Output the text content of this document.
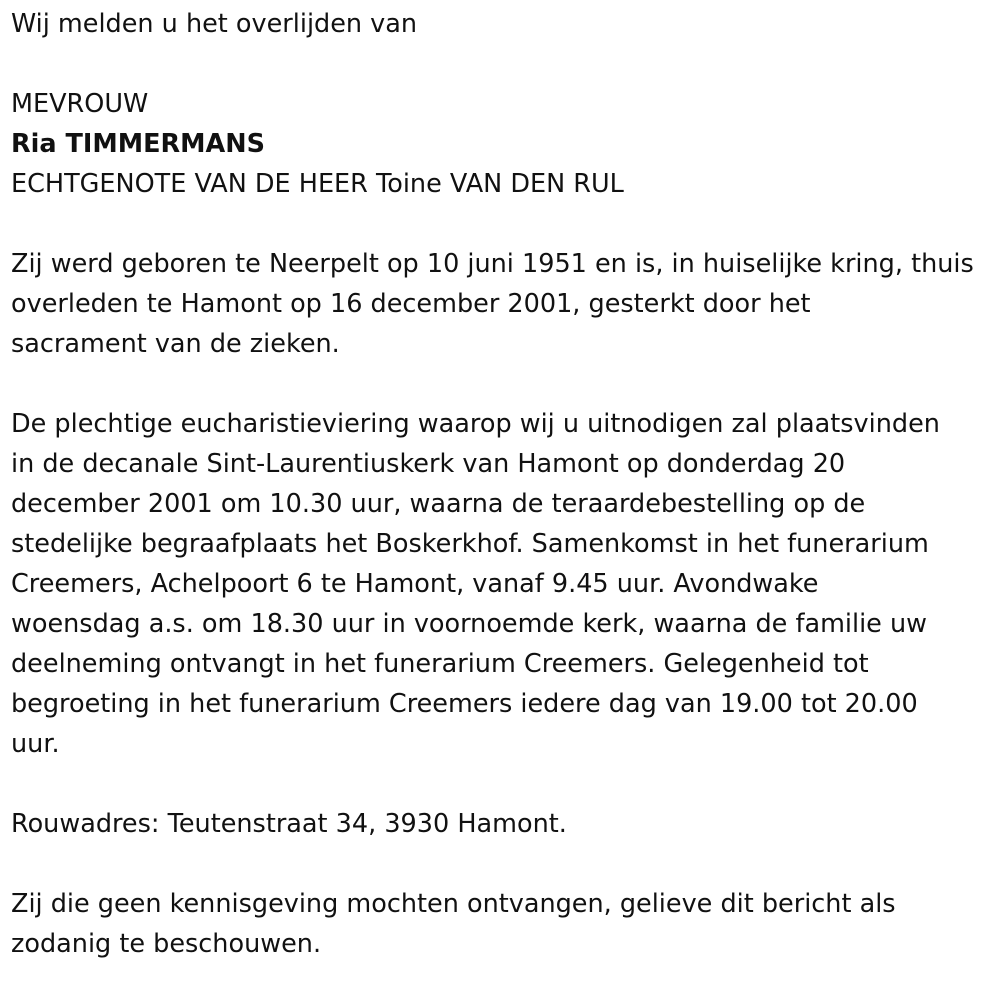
Wij melden u het overlijden van
MEVROUW
Ria TIMMERMANS
ECHTGENOTE VAN DE HEER Toine VAN DEN RUL
Zij werd geboren te Neerpelt op 10 juni 1951 en is, in huiselijke kring, thuis
overleden te Hamont op 16 december 2001, gesterkt door het
sacrament van de zieken.
De plechtige eucharistieviering waarop wij u uitnodigen zal plaatsvinden
in de decanale Sint-Laurentiuskerk van Hamont op donderdag 20
december 2001 om 10.30 uur, waarna de teraardebestelling op de
stedelijke begraafplaats het Boskerkhof. Samenkomst in het funerarium
Creemers, Achelpoort 6 te Hamont, vanaf 9.45 uur. Avondwake
woensdag a.s. om 18.30 uur in voornoemde kerk, waarna de familie uw
deelneming ontvangt in het funerarium Creemers. Gelegenheid tot
begroeting in het funerarium Creemers iedere dag van 19.00 tot 20.00
uur.
Rouwadres: Teutenstraat 34, 3930 Hamont.
Zij die geen kennisgeving mochten ontvangen, gelieve dit bericht als
zodanig te beschouwen.
